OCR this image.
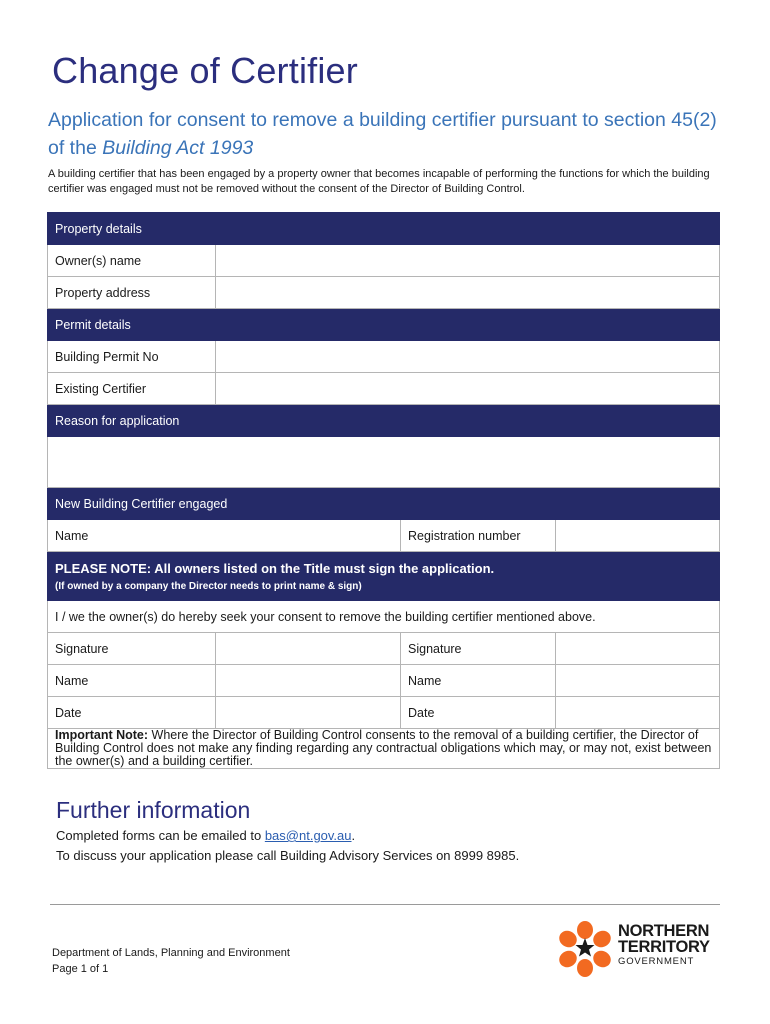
Change of Certifier
Application for consent to remove a building certifier pursuant to section 45(2) of the Building Act 1993
A building certifier that has been engaged by a property owner that becomes incapable of performing the functions for which the building certifier was engaged must not be removed without the consent of the Director of Building Control.
Property details			
Owner(s) name			
Property address			
Permit details			
Building Permit No			
Existing Certifier			
Reason for application			

New Building Certifier engaged			
Name		Registration number	

PLEASE NOTE: All owners listed on the Title must sign the application.
(If owned by a company the Director needs to print name & sign)			

I / we the owner(s) do hereby seek your consent to remove the building certifier mentioned above.			
Signature		Signature	
Name		Name	
Date		Date	
Important Note: Where the Director of Building Control consents to the removal of a building certifier, the Director of Building Control does not make any finding regarding any contractual obligations which may, or may not, exist between the owner(s) and a building certifier.			
Further information
Completed forms can be emailed to bas@nt.gov.au.
To discuss your application please call Building Advisory Services on 8999 8985.
Department of Lands, Planning and Environment
Page 1 of 1
NORTHERN
TERRITORY
GOVERNMENT
